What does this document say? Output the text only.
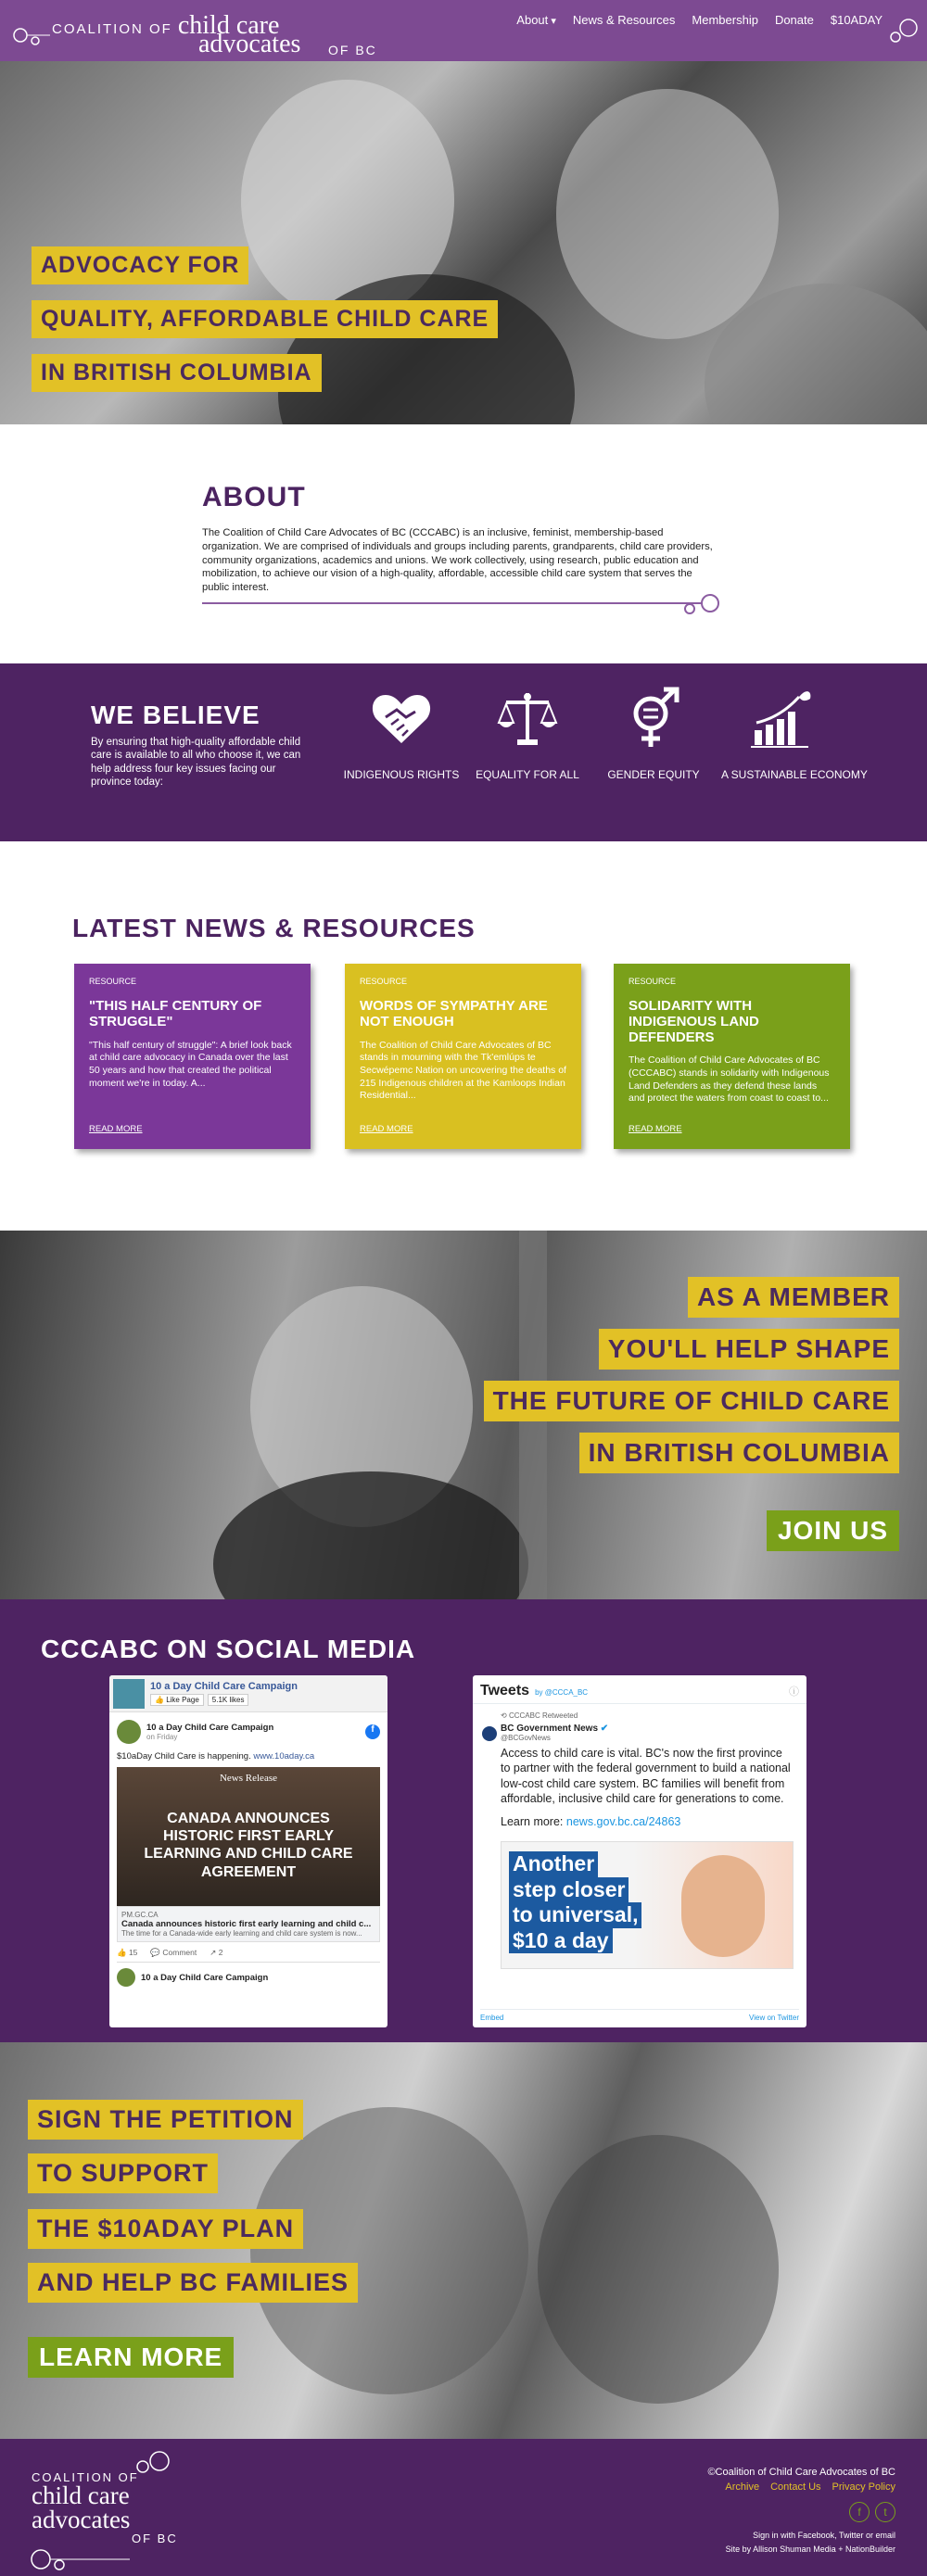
COALITION OF child care
advocates OF BC
About ▾	News & Resources Membership Donate $10ADAY
ADVOCACY FOR
QUALITY, AFFORDABLE CHILD CARE
IN BRITISH COLUMBIA
ABOUT

The Coalition of Child Care Advocates of BC (CCCABC) is an inclusive, feminist, membership-based organization. We are comprised of individuals and groups including parents, grandparents, child care providers, community organizations, academics and unions. We work collectively, using research, public education and mobilization, to achieve our vision of a high-quality, affordable, accessible child care system that serves the public interest.

WE BELIEVE

By ensuring that high-quality affordable child care is available to all who choose it, we can help address four key issues facing our province today:

INDIGENOUS RIGHTS	EQUALITY FOR ALL	GENDER EQUITY	A SUSTAINABLE ECONOMY
LATEST NEWS & RESOURCES
RESOURCE
"THIS HALF CENTURY OF STRUGGLE"

"This half century of struggle": A brief look back at child care advocacy in Canada over the last 50 years and how that created the political moment we're in today. A...

READ MORE
RESOURCE
WORDS OF SYMPATHY ARE NOT ENOUGH

The Coalition of Child Care Advocates of BC stands in mourning with the Tk'emlúps te Secwépemc Nation on uncovering the deaths of 215 Indigenous children at the Kamloops Indian Residential...

READ MORE
RESOURCE
SOLIDARITY WITH INDIGENOUS LAND DEFENDERS

The Coalition of Child Care Advocates of BC (CCCABC) stands in solidarity with Indigenous Land Defenders as they defend these lands and protect the waters from coast to coast to...

READ MORE
AS A MEMBER
YOU'LL HELP SHAPE
THE FUTURE OF CHILD CARE
IN BRITISH COLUMBIA
JOIN US
CCCABC ON SOCIAL MEDIA
10 a Day Child Care Campaign
👍 Like Page	5.1K likes
10 a Day Child Care Campaign
on Friday
f
$10aDay Child Care is happening. www.10aday.ca
News Release
CANADA ANNOUNCES HISTORIC FIRST EARLY LEARNING AND CHILD CARE AGREEMENT
PM.GC.CA
Canada announces historic first early learning and child c...
The time for a Canada-wide early learning and child care system is now...
👍 15 💬 Comment ↗ 2
10 a Day Child Care Campaign
Tweets by @CCCA_BC	ⓘ
⟲ CCCABC Retweeted
BC Government News ✔
@BCGovNews
Access to child care is vital. BC's now the first province to partner with the federal government to build a national low-cost child care system. BC families will benefit from affordable, inclusive child care for generations to come.
Learn more: news.gov.bc.ca/24863
Another
step closer
to universal,
$10 a day
Embed	View on Twitter
SIGN THE PETITION
TO SUPPORT
THE $10ADAY PLAN
AND HELP BC FAMILIES
LEARN MORE
COALITION OF
child care
advocates
OF BC
©Coalition of Child Care Advocates of BC
Archive Contact Us Privacy Policy
f	t
Sign in with Facebook, Twitter or email
Site by Allison Shuman Media + NationBuilder
